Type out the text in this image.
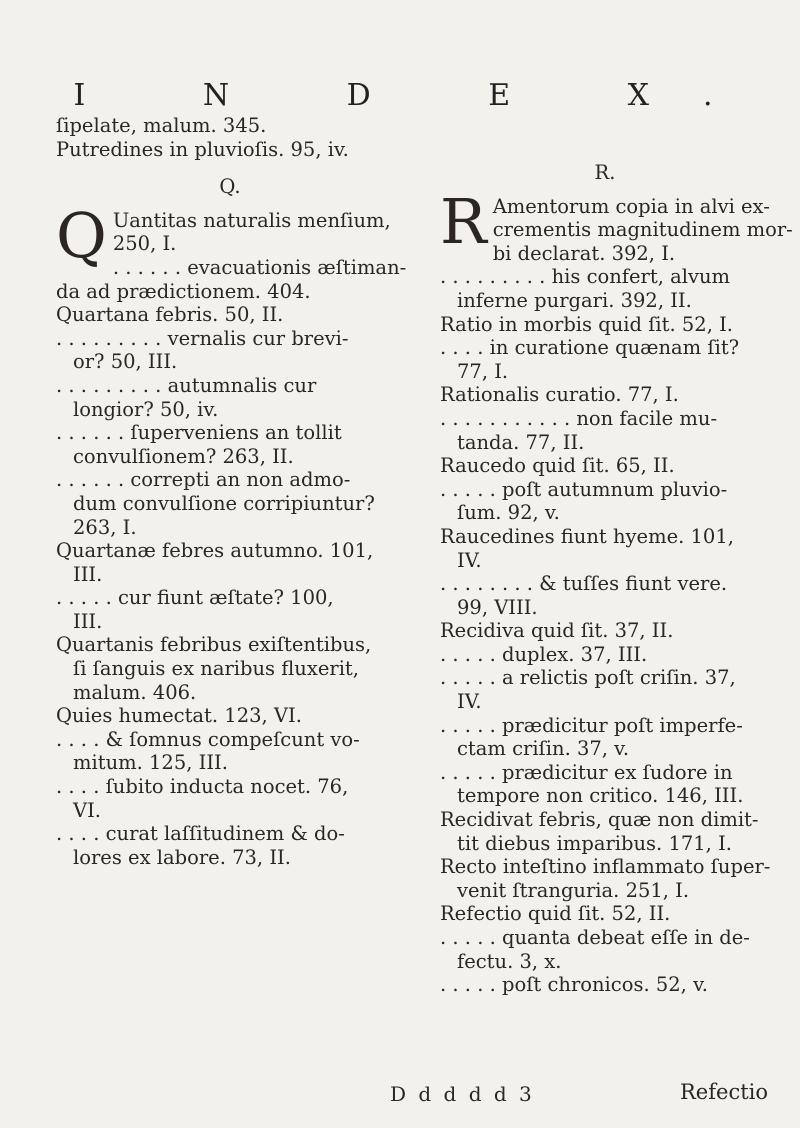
I N D E X.
ſipelate, malum. 345.
Putredines in pluvioſis. 95, iv.
Q.
Q Uantitas naturalis menſium,
250, I.
. . . . . . evacuationis æſtiman-
da ad prædictionem. 404.
Quartana febris. 50, II.
. . . . . . . . . vernalis cur brevi-
or? 50, III.
. . . . . . . . . autumnalis cur
longior? 50, iv.
. . . . . . ſuperveniens an tollit
convulſionem? 263, II.
. . . . . . correpti an non admo-
dum convulſione corripiuntur?
263, I.
Quartanæ febres autumno. 101,
III.
. . . . . cur fiunt æſtate? 100,
III.
Quartanis febribus exiſtentibus,
ſi ſanguis ex naribus fluxerit,
malum. 406.
Quies humectat. 123, VI.
. . . . & ſomnus compeſcunt vo-
mitum. 125, III.
. . . . ſubito inducta nocet. 76,
VI.
. . . . curat laſſitudinem & do-
lores ex labore. 73, II.
R.
R Amentorum copia in alvi ex-
crementis magnitudinem mor-
bi declarat. 392, I.
. . . . . . . . . his confert, alvum
inferne purgari. 392, II.
Ratio in morbis quid ſit. 52, I.
. . . . in curatione quænam ſit?
77, I.
Rationalis curatio. 77, I.
. . . . . . . . . . . non facile mu-
tanda. 77, II.
Raucedo quid ſit. 65, II.
. . . . . poſt autumnum pluvio-
ſum. 92, v.
Raucedines fiunt hyeme. 101,
IV.
. . . . . . . . & tuſſes fiunt vere.
99, VIII.
Recidiva quid ſit. 37, II.
. . . . . duplex. 37, III.
. . . . . a relictis poſt criſin. 37,
IV.
. . . . . prædicitur poſt imperfe-
ctam criſin. 37, v.
. . . . . prædicitur ex ſudore in
tempore non critico. 146, III.
Recidivat febris, quæ non dimit-
tit diebus imparibus. 171, I.
Recto inteſtino inflammato ſuper-
venit ſtranguria. 251, I.
Refectio quid ſit. 52, II.
. . . . . quanta debeat eſſe in de-
fectu. 3, x.
. . . . . poſt chronicos. 52, v.
D d d d d 3	Refectio
